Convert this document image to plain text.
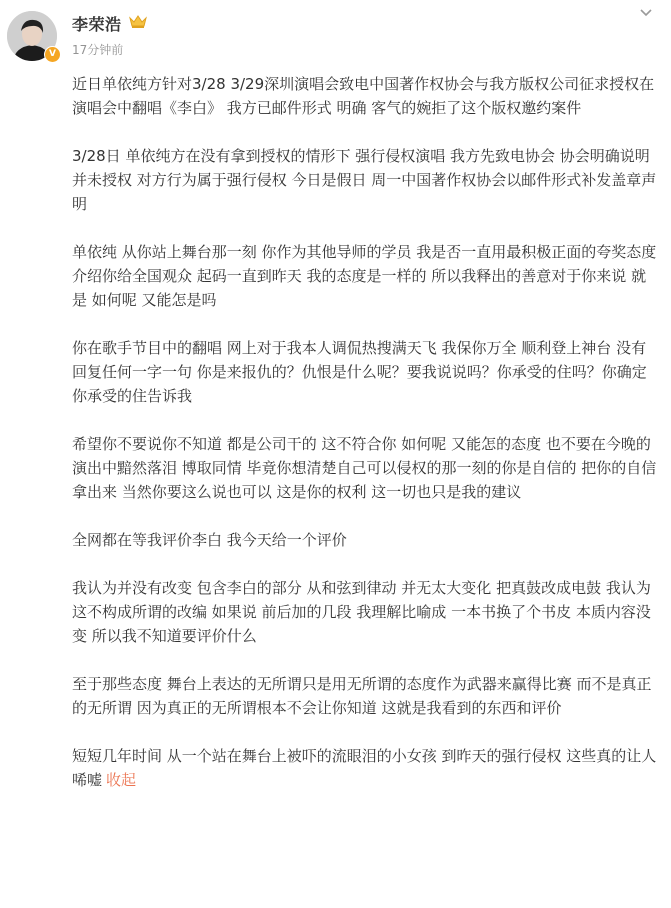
V
李荣浩
17分钟前

近日单依纯方针对3/28 3/29深圳演唱会致电中国著作权协会与我方版权公司征求授权在演唱会中翻唱《李白》 我方已邮件形式 明确 客气的婉拒了这个版权邀约案件

3/28日 单依纯方在没有拿到授权的情形下 强行侵权演唱 我方先致电协会 协会明确说明 并未授权 对方行为属于强行侵权 今日是假日 周一中国著作权协会以邮件形式补发盖章声明

单依纯 从你站上舞台那一刻 你作为其他导师的学员 我是否一直用最积极正面的夸奖态度介绍你给全国观众 起码一直到昨天 我的态度是一样的 所以我释出的善意对于你来说 就是 如何呢 又能怎是吗

你在歌手节目中的翻唱 网上对于我本人调侃热搜满天飞 我保你万全 顺利登上神台 没有回复任何一字一句 你是来报仇的？仇恨是什么呢？要我说说吗？你承受的住吗？你确定你承受的住告诉我

希望你不要说你不知道 都是公司干的 这不符合你 如何呢 又能怎的态度 也不要在今晚的演出中黯然落泪 博取同情 毕竟你想清楚自己可以侵权的那一刻的你是自信的 把你的自信拿出来 当然你要这么说也可以 这是你的权利 这一切也只是我的建议

全网都在等我评价李白 我今天给一个评价

我认为并没有改变 包含李白的部分 从和弦到律动 并无太大变化 把真鼓改成电鼓 我认为这不构成所谓的改编 如果说 前后加的几段 我理解比喻成 一本书换了个书皮 本质内容没变 所以我不知道要评价什么

至于那些态度 舞台上表达的无所谓只是用无所谓的态度作为武器来赢得比赛 而不是真正的无所谓 因为真正的无所谓根本不会让你知道 这就是我看到的东西和评价

短短几年时间 从一个站在舞台上被吓的流眼泪的小女孩 到昨天的强行侵权 这些真的让人唏嘘 收起
